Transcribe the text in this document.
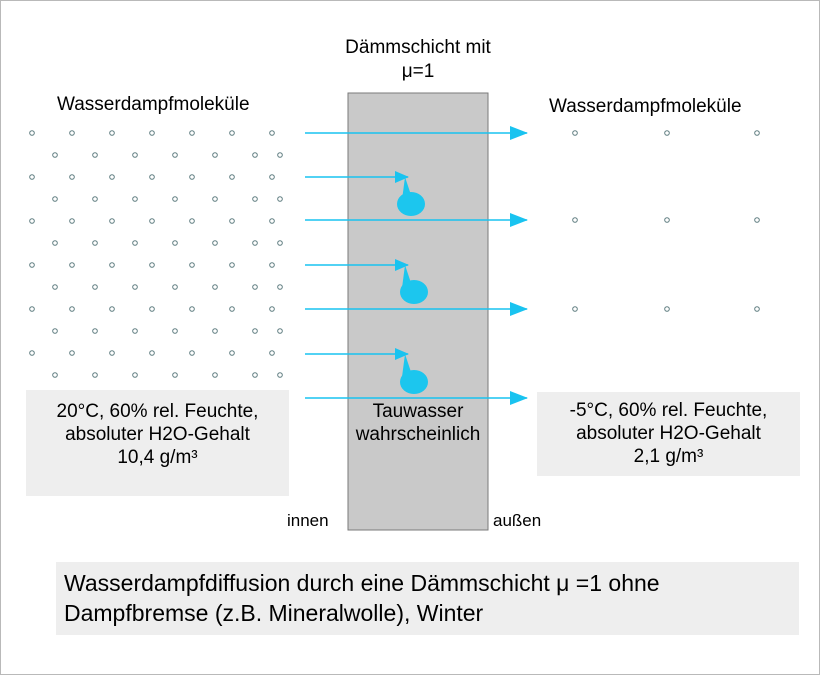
Dämmschicht mit
μ=1
Wasserdampfmoleküle	Wasserdampfmoleküle
20°C, 60% rel. Feuchte,
absoluter H2O-Gehalt
10,4 g/m³
-5°C, 60% rel. Feuchte,
absoluter H2O-Gehalt
2,1 g/m³
Tauwasser
wahrscheinlich
innen	außen
Wasserdampfdiffusion durch eine Dämmschicht μ =1 ohne
Dampfbremse (z.B. Mineralwolle), Winter
